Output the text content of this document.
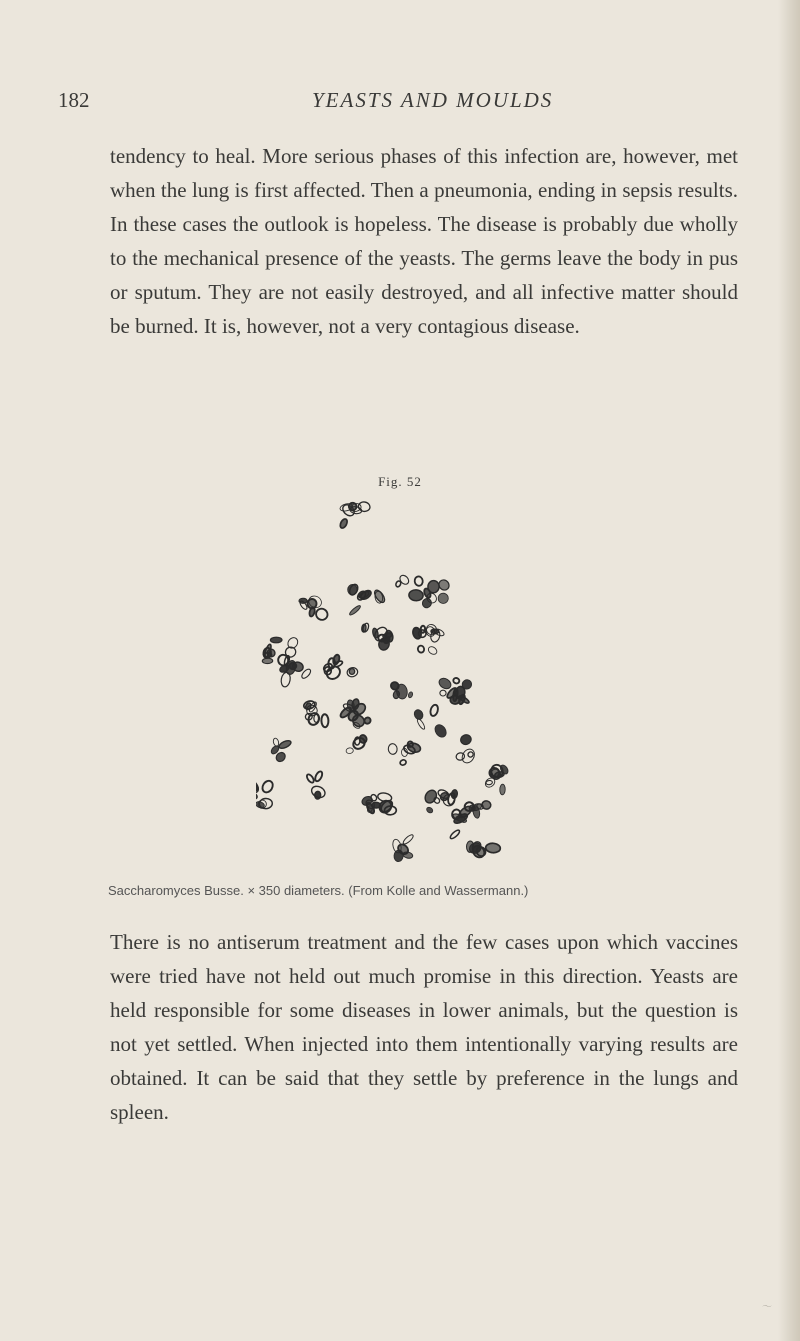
182	YEASTS AND MOULDS

tendency to heal. More serious phases of this infection are, however, met when the lung is first affected. Then a pneumonia, ending in sepsis results. In these cases the outlook is hopeless. The disease is probably due wholly to the mechanical presence of the yeasts. The germs leave the body in pus or sputum. They are not easily destroyed, and all infective matter should be burned. It is, however, not a very contagious disease.

Fig. 52
Saccharomyces Busse. × 350 diameters. (From Kolle and Wassermann.)

There is no antiserum treatment and the few cases upon which vaccines were tried have not held out much promise in this direction. Yeasts are held responsible for some diseases in lower animals, but the question is not yet settled. When injected into them intentionally varying results are obtained. It can be said that they settle by preference in the lungs and spleen.

〜
